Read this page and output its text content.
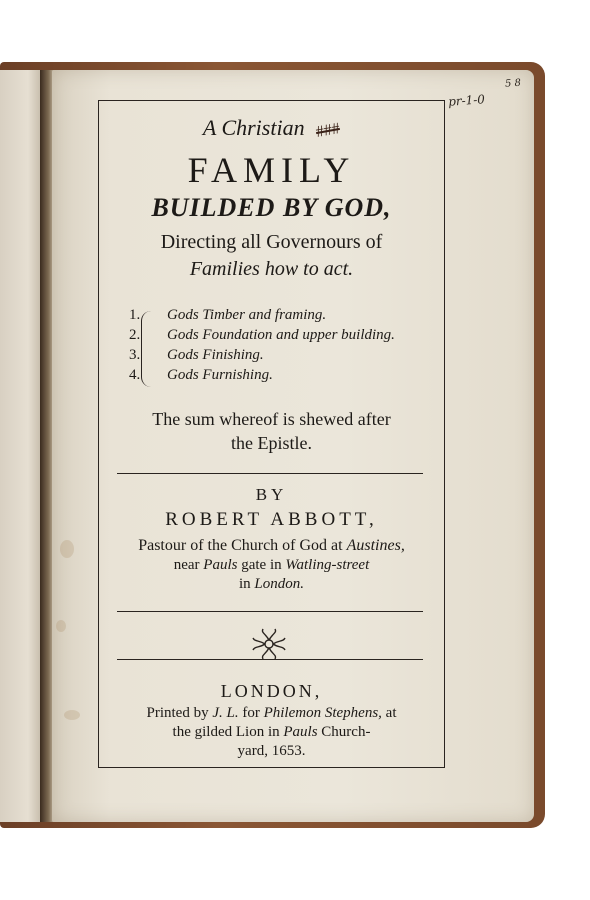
5 8
pr-1-0
A Christian ###
FAMILY
BUILDED BY GOD,
Directing all Governours of
Families how to act.
1. Gods Timber and framing.
2. Gods Foundation and upper building.
3. Gods Finishing.
4. Gods Furnishing.
The sum whereof is shewed after
the Epistle.
BY
ROBERT ABBOTT,
Pastour of the Church of God at Austines,
near Pauls gate in Watling-street
in London.
LONDON,
Printed by J. L. for Philemon Stephens, at
the gilded Lion in Pauls Church-
yard, 1653.
